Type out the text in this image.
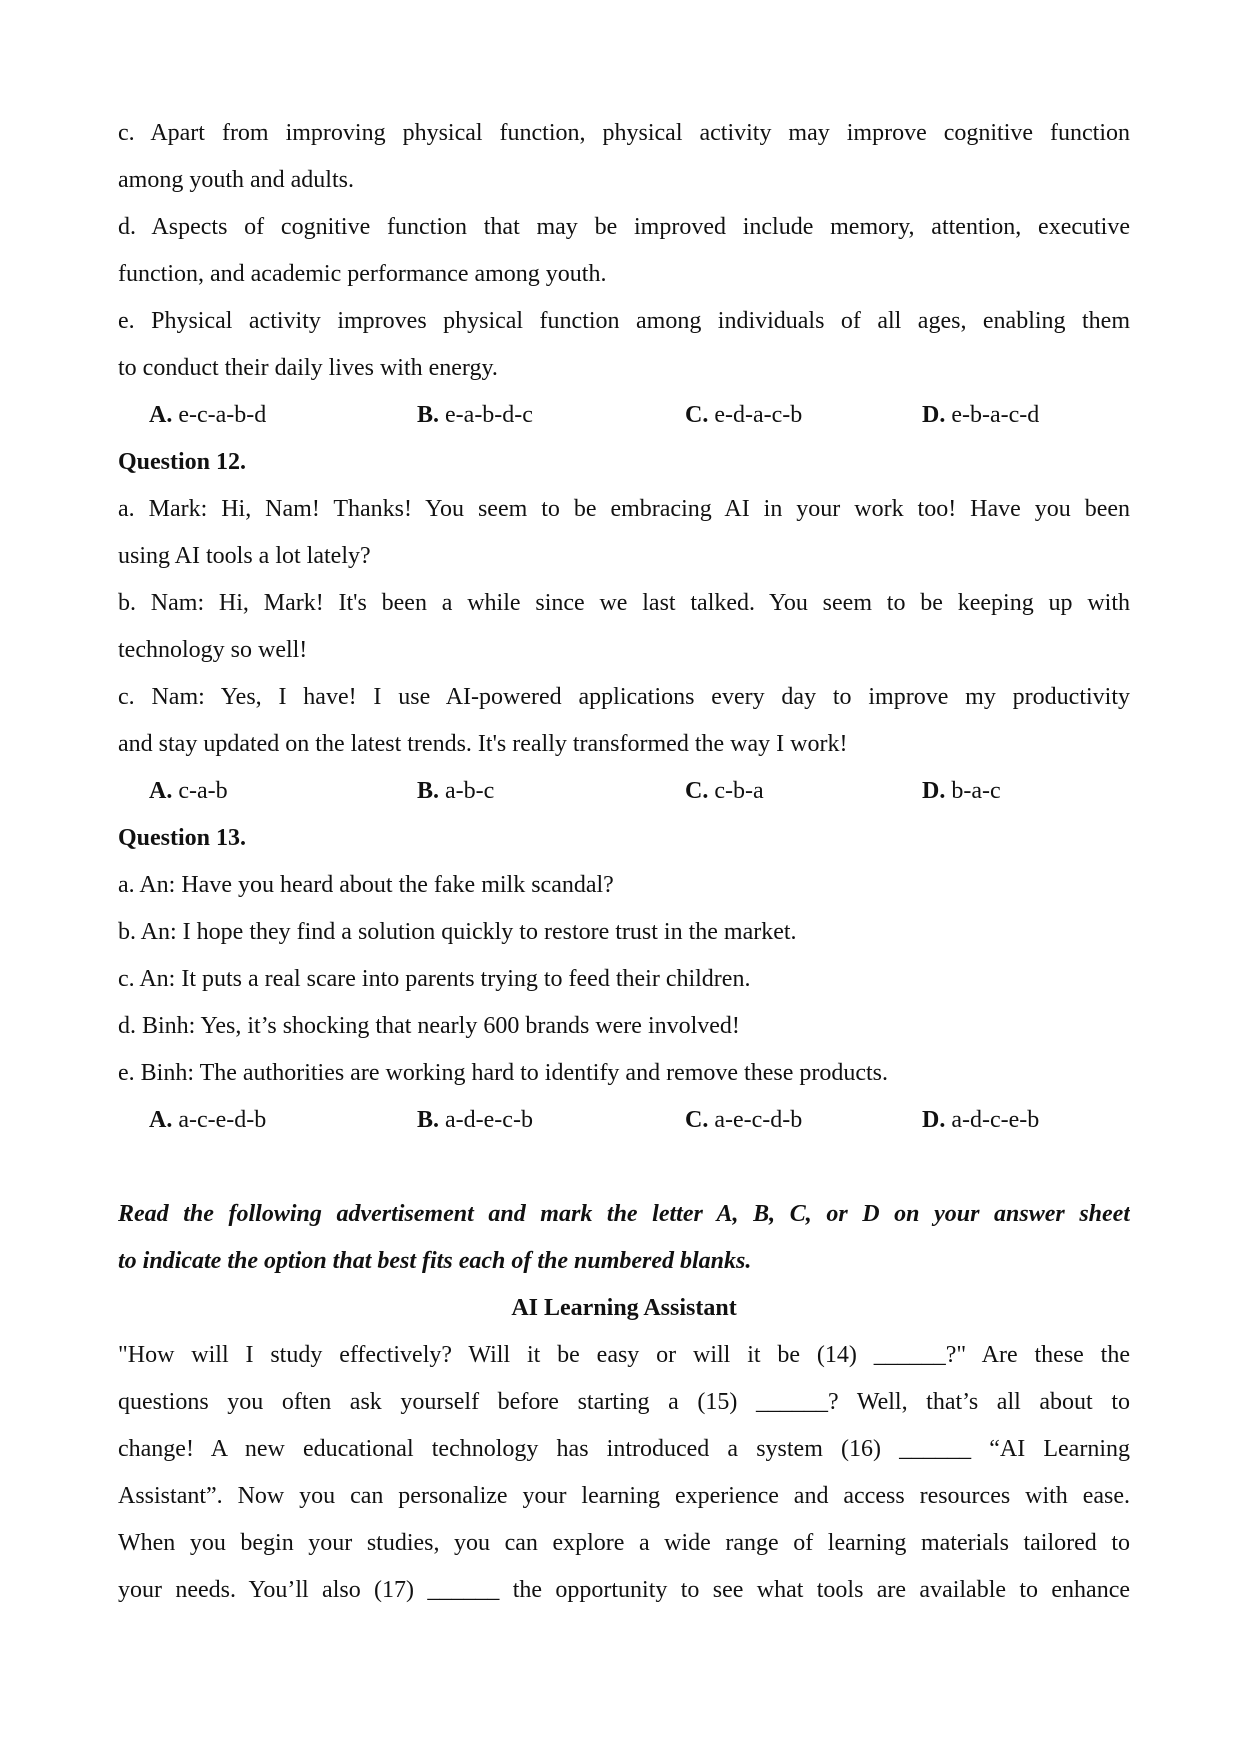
c. Apart from improving physical function, physical activity may improve cognitive function
among youth and adults.
d. Aspects of cognitive function that may be improved include memory, attention, executive
function, and academic performance among youth.
e. Physical activity improves physical function among individuals of all ages, enabling them
to conduct their daily lives with energy.
A. e-c-a-b-d	B. e-a-b-d-c	C. e-d-a-c-b	D. e-b-a-c-d
Question 12.
a. Mark: Hi, Nam! Thanks! You seem to be embracing AI in your work too! Have you been
using AI tools a lot lately?
b. Nam: Hi, Mark! It's been a while since we last talked. You seem to be keeping up with
technology so well!
c. Nam: Yes, I have! I use AI-powered applications every day to improve my productivity
and stay updated on the latest trends. It's really transformed the way I work!
A. c-a-b	B. a-b-c	C. c-b-a	D. b-a-c
Question 13.
a. An: Have you heard about the fake milk scandal?
b. An: I hope they find a solution quickly to restore trust in the market.
c. An: It puts a real scare into parents trying to feed their children.
d. Binh: Yes, it’s shocking that nearly 600 brands were involved!
e. Binh: The authorities are working hard to identify and remove these products.
A. a-c-e-d-b	B. a-d-e-c-b	C. a-e-c-d-b	D. a-d-c-e-b
Read the following advertisement and mark the letter A, B, C, or D on your answer sheet
to indicate the option that best fits each of the numbered blanks.
AI Learning Assistant
"How will I study effectively? Will it be easy or will it be (14) ______?" Are these the
questions you often ask yourself before starting a (15) ______? Well, that’s all about to
change! A new educational technology has introduced a system (16) ______ “AI Learning
Assistant”. Now you can personalize your learning experience and access resources with ease.
When you begin your studies, you can explore a wide range of learning materials tailored to
your needs. You’ll also (17) ______ the opportunity to see what tools are available to enhance
